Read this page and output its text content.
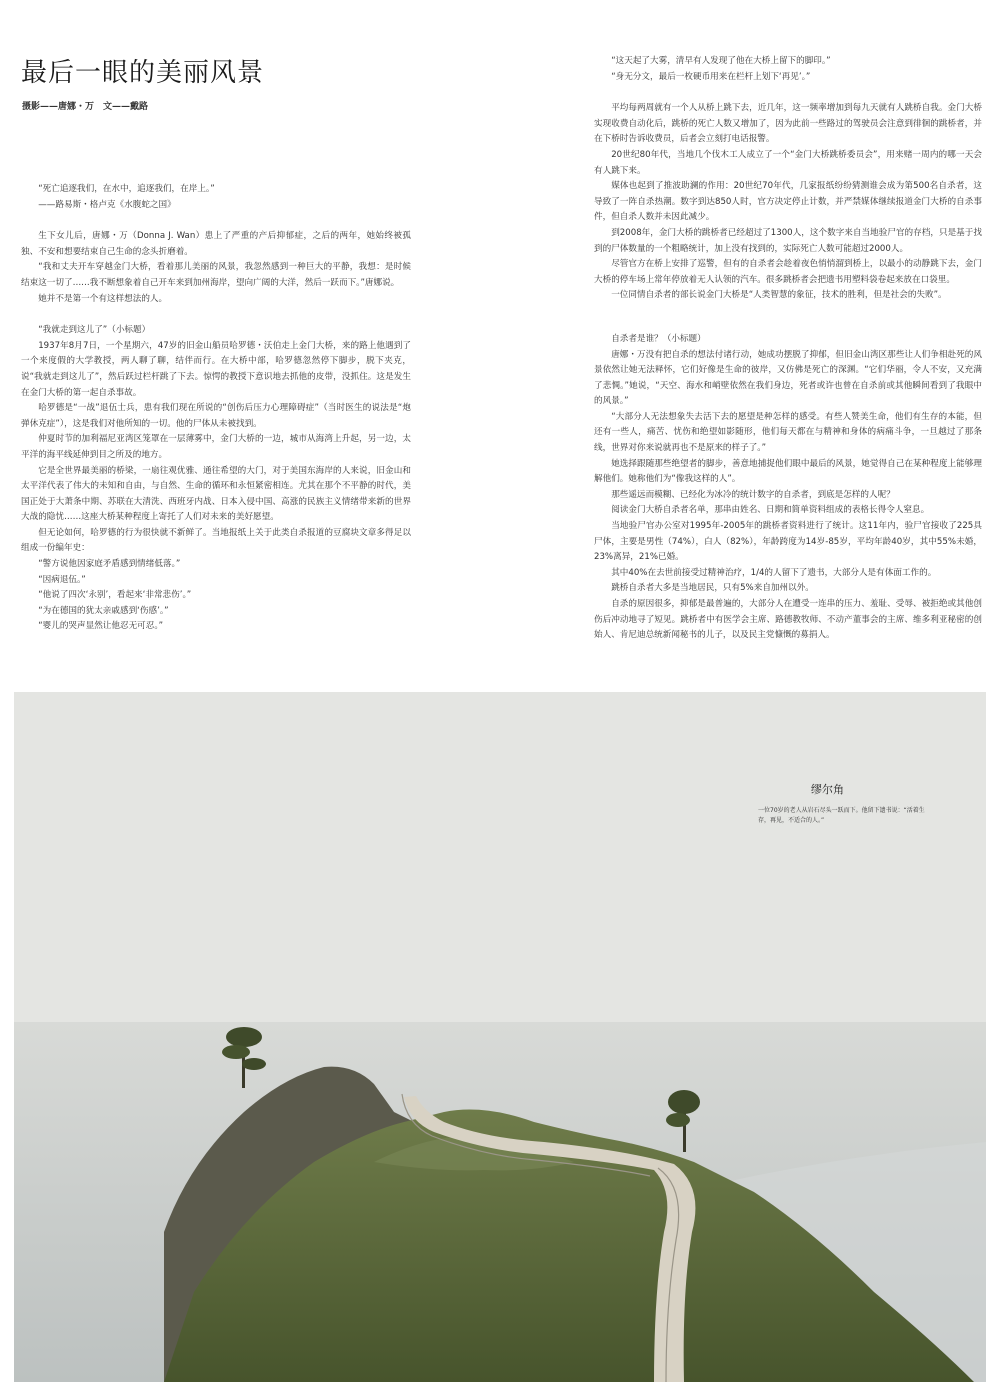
最后一眼的美丽风景
摄影——唐娜・万　文——戴路

“死亡追逐我们，在水中，追逐我们，在岸上。”

——路易斯・格卢克《水腹蛇之国》

生下女儿后，唐娜・万（Donna J. Wan）患上了严重的产后抑郁症，之后的两年，她始终被孤独、不安和想要结束自己生命的念头折磨着。

“我和丈夫开车穿越金门大桥，看着那儿美丽的风景，我忽然感到一种巨大的平静，我想：是时候结束这一切了……我不断想象着自己开车来到加州海岸，望向广阔的大洋，然后一跃而下。”唐娜说。

她并不是第一个有这样想法的人。

“我就走到这儿了”（小标题）

1937年8月7日，一个星期六，47岁的旧金山船员哈罗德・沃伯走上金门大桥，来的路上他遇到了一个来度假的大学教授，两人聊了聊，结伴而行。在大桥中部，哈罗德忽然停下脚步，脱下夹克，说“我就走到这儿了”，然后跃过栏杆跳了下去。惊愕的教授下意识地去抓他的皮带，没抓住。这是发生在金门大桥的第一起自杀事故。

哈罗德是“一战”退伍士兵，患有我们现在所说的“创伤后压力心理障碍症”（当时医生的说法是“炮弹休克症”），这是我们对他所知的一切。他的尸体从未被找到。

仲夏时节的加利福尼亚湾区笼罩在一层薄雾中，金门大桥的一边，城市从海湾上升起，另一边，太平洋的海平线延伸到目之所及的地方。

它是全世界最美丽的桥梁，一扇往观优雅、通往希望的大门，对于美国东海岸的人来说，旧金山和太平洋代表了伟大的未知和自由，与自然、生命的循环和永恒紧密相连。尤其在那个不平静的时代，美国正处于大萧条中期、苏联在大清洗、西班牙内战、日本入侵中国、高涨的民族主义情绪带来新的世界大战的隐忧……这座大桥某种程度上寄托了人们对未来的美好愿望。

但无论如何，哈罗德的行为很快就不新鲜了。当地报纸上关于此类自杀报道的豆腐块文章多得足以组成一份编年史：

“警方说他因家庭矛盾感到情绪低落。”

“因病退伍。”

“他说了四次‘永别’，看起来‘非常悲伤’。”

“为在德国的犹太亲戚感到‘伤感’。”

“婴儿的哭声显然让他忍无可忍。”

“这天起了大雾，清早有人发现了他在大桥上留下的脚印。”

“身无分文，最后一枚硬币用来在栏杆上划下‘再见’。”

平均每两周就有一个人从桥上跳下去，近几年，这一频率增加到每九天就有人跳桥自我。金门大桥实现收费自动化后，跳桥的死亡人数又增加了，因为此前一些路过的驾驶员会注意到徘徊的跳桥者，并在下桥时告诉收费员，后者会立刻打电话报警。

20世纪80年代，当地几个伐木工人成立了一个“金门大桥跳桥委员会”，用来赌一周内的哪一天会有人跳下来。

媒体也起到了推波助澜的作用：20世纪70年代，几家报纸纷纷猜测谁会成为第500名自杀者，这导致了一阵自杀热潮。数字到达850人时，官方决定停止计数，并严禁媒体继续报道金门大桥的自杀事件，但自杀人数并未因此减少。

到2008年，金门大桥的跳桥者已经超过了1300人，这个数字来自当地验尸官的存档，只是基于找到的尸体数量的一个粗略统计，加上没有找到的，实际死亡人数可能超过2000人。

尽管官方在桥上安排了巡警，但有的自杀者会趁着夜色悄悄溜到桥上，以最小的动静跳下去，金门大桥的停车场上常年停放着无人认领的汽车。很多跳桥者会把遗书用塑料袋卷起来放在口袋里。

一位同情自杀者的部长说金门大桥是“人类智慧的象征，技术的胜利，但是社会的失败”。

自杀者是谁？（小标题）

唐娜・万没有把自杀的想法付诸行动，她成功摆脱了抑郁，但旧金山湾区那些让人们争相赴死的风景依然让她无法释怀，它们好像是生命的彼岸，又仿佛是死亡的深渊。“它们华丽，令人不安，又充满了悲惆。”她说，“天空、海水和峭壁依然在我们身边，死者或许也曾在自杀前或其他瞬间看到了我眼中的风景。”

“大部分人无法想象失去活下去的愿望是种怎样的感受。有些人赞美生命，他们有生存的本能，但还有一些人，痛苦、忧伤和绝望如影随形，他们每天都在与精神和身体的病痛斗争，一旦越过了那条线，世界对你来说就再也不是原来的样子了。”

她选择跟随那些绝望者的脚步，善意地捕捉他们眼中最后的风景，她觉得自己在某种程度上能够理解他们。她称他们为“像我这样的人”。

那些遥远而模糊、已经化为冰冷的统计数字的自杀者，到底是怎样的人呢？

阅读金门大桥自杀者名单，那串由姓名、日期和简单资料组成的表格长得令人窒息。

当地验尸官办公室对1995年-2005年的跳桥者资料进行了统计。这11年内，验尸官接收了225具尸体，主要是男性（74%），白人（82%），年龄跨度为14岁-85岁，平均年龄40岁，其中55%未婚，23%离异，21%已婚。

其中40%在去世前接受过精神治疗，1/4的人留下了遗书，大部分人是有体面工作的。

跳桥自杀者大多是当地居民，只有5%来自加州以外。

自杀的原因很多，抑郁是最普遍的，大部分人在遭受一连串的压力、羞耻、受辱、被拒绝或其他创伤后冲动地寻了短见。跳桥者中有医学会主席、路德教牧师、不动产董事会的主席、维多利亚秘密的创始人、肯尼迪总统新闻秘书的儿子，以及民主党慷慨的募捐人。

缪尔角
一位70岁的老人从岩石尽头一跃而下。他留下遗书说：“活着生存，再见，不适合的人。”
